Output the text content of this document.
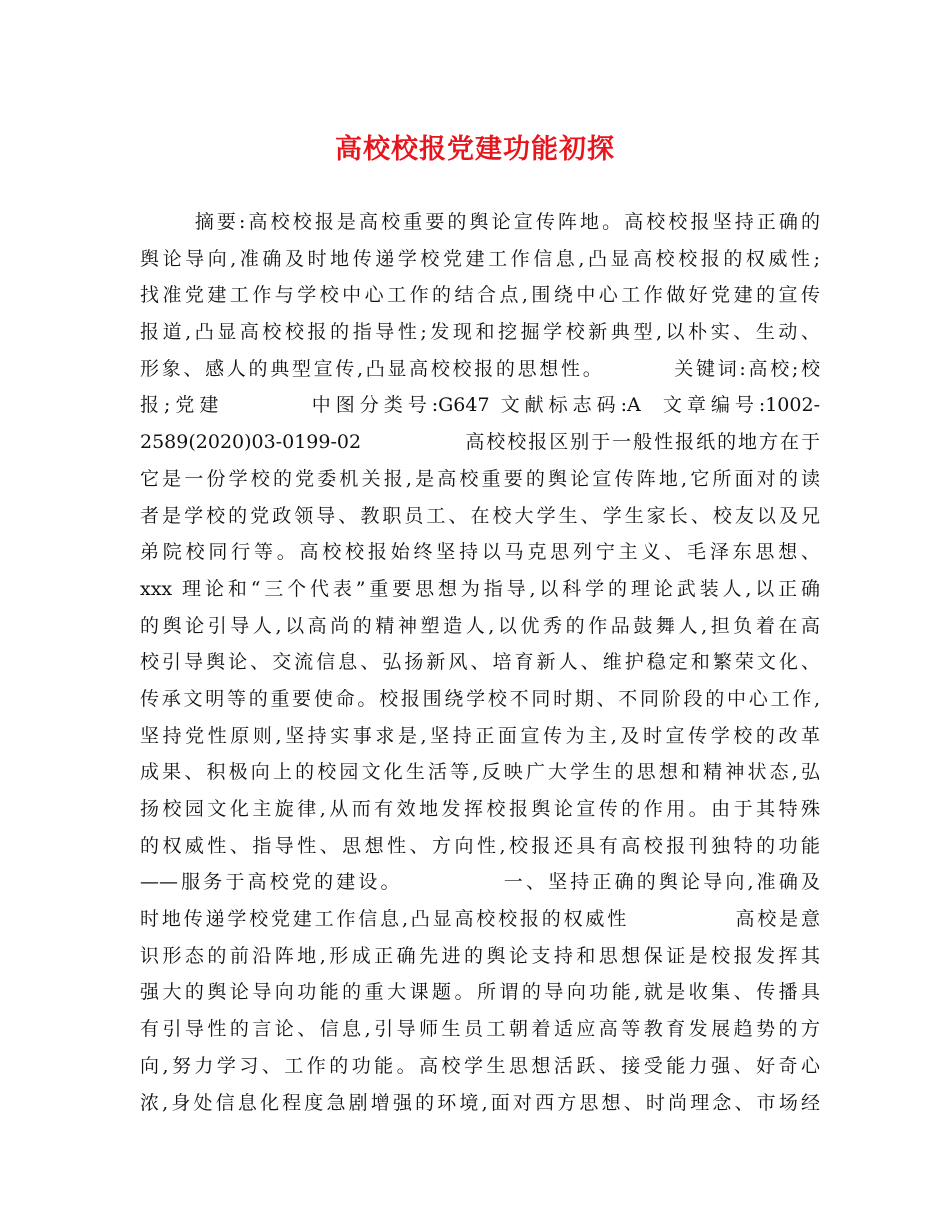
高校校报党建功能初探
摘要:高校校报是高校重要的舆论宣传阵地。高校校报坚持正确的
舆论导向,准确及时地传递学校党建工作信息,凸显高校校报的权威性;
找准党建工作与学校中心工作的结合点,围绕中心工作做好党建的宣传
报道,凸显高校校报的指导性;发现和挖掘学校新典型,以朴实、生动、
形象、感人的典型宣传,凸显高校校报的思想性。        关键词:高校;校
报;党建        中图分类号:G647 文献标志码:A  文章编号:1002-
2589(2020)03-0199-02             高校校报区别于一般性报纸的地方在于
它是一份学校的党委机关报,是高校重要的舆论宣传阵地,它所面对的读
者是学校的党政领导、教职员工、在校大学生、学生家长、校友以及兄
弟院校同行等。高校校报始终坚持以马克思列宁主义、毛泽东思想、
xxx 理论和“三个代表”重要思想为指导,以科学的理论武装人,以正确
的舆论引导人,以高尚的精神塑造人,以优秀的作品鼓舞人,担负着在高
校引导舆论、交流信息、弘扬新风、培育新人、维护稳定和繁荣文化、
传承文明等的重要使命。校报围绕学校不同时期、不同阶段的中心工作,
坚持党性原则,坚持实事求是,坚持正面宣传为主,及时宣传学校的改革
成果、积极向上的校园文化生活等,反映广大学生的思想和精神状态,弘
扬校园文化主旋律,从而有效地发挥校报舆论宣传的作用。由于其特殊
的权威性、指导性、思想性、方向性,校报还具有高校报刊独特的功能
——服务于高校党的建设。           一、坚持正确的舆论导向,准确及
时地传递学校党建工作信息,凸显高校校报的权威性            高校是意
识形态的前沿阵地,形成正确先进的舆论支持和思想保证是校报发挥其
强大的舆论导向功能的重大课题。所谓的导向功能,就是收集、传播具
有引导性的言论、信息,引导师生员工朝着适应高等教育发展趋势的方
向,努力学习、工作的功能。高校学生思想活跃、接受能力强、好奇心
浓,身处信息化程度急剧增强的环境,面对西方思想、时尚理念、市场经
